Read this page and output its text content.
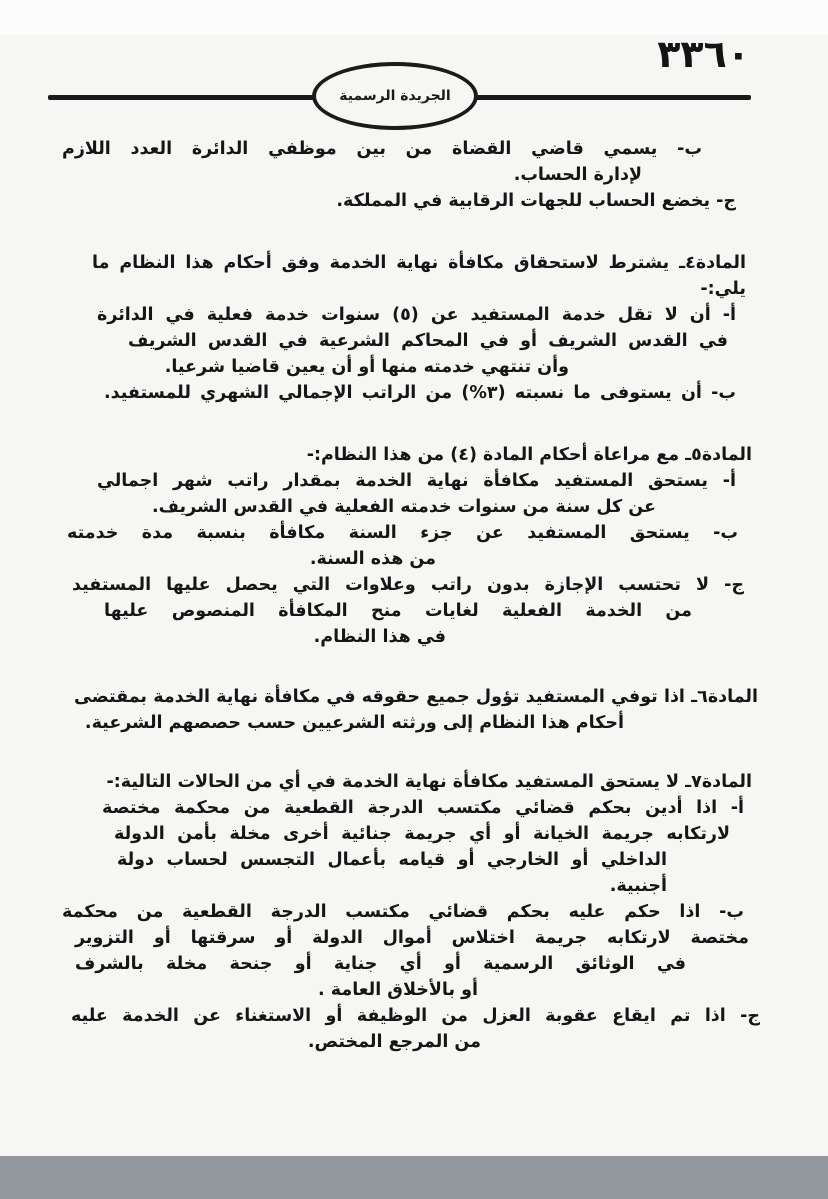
٣٣٦٠
الجريدة الرسمية
ب- يسمي قاضي القضاة من بين موظفي الدائرة العدد اللازم
لإدارة الحساب.
ج- يخضع الحساب للجهات الرقابية في المملكة.
المادة٤ـ يشترط لاستحقاق مكافأة نهاية الخدمة وفق أحكام هذا النظام ما يلي:-
أ- أن لا تقل خدمة المستفيد عن (٥) سنوات خدمة فعلية في الدائرة
في القدس الشريف أو في المحاكم الشرعية في القدس الشريف
وأن تنتهي خدمته منها أو أن يعين قاضيا شرعيا.
ب- أن يستوفى ما نسبته (٣%) من الراتب الإجمالي الشهري للمستفيد.
المادة٥ـ مع مراعاة أحكام المادة (٤) من هذا النظام:-
أ- يستحق المستفيد مكافأة نهاية الخدمة بمقدار راتب شهر اجمالي
عن كل سنة من سنوات خدمته الفعلية في القدس الشريف.
ب- يستحق المستفيد عن جزء السنة مكافأة بنسبة مدة خدمته
من هذه السنة.
ج- لا تحتسب الإجازة بدون راتب وعلاوات التي يحصل عليها المستفيد
من الخدمة الفعلية لغايات منح المكافأة المنصوص عليها
في هذا النظام.
المادة٦ـ اذا توفي المستفيد تؤول جميع حقوقه في مكافأة نهاية الخدمة بمقتضى
أحكام هذا النظام إلى ورثته الشرعيين حسب حصصهم الشرعية.
المادة٧ـ لا يستحق المستفيد مكافأة نهاية الخدمة في أي من الحالات التالية:-
أ- اذا أدين بحكم قضائي مكتسب الدرجة القطعية من محكمة مختصة
لارتكابه جريمة الخيانة أو أي جريمة جنائية أخرى مخلة بأمن الدولة
الداخلي أو الخارجي أو قيامه بأعمال التجسس لحساب دولة أجنبية.
ب- اذا حكم عليه بحكم قضائي مكتسب الدرجة القطعية من محكمة
مختصة لارتكابه جريمة اختلاس أموال الدولة أو سرقتها أو التزوير
في الوثائق الرسمية أو أي جناية أو جنحة مخلة بالشرف
أو بالأخلاق العامة .
ج- اذا تم ايقاع عقوبة العزل من الوظيفة أو الاستغناء عن الخدمة عليه
من المرجع المختص.
